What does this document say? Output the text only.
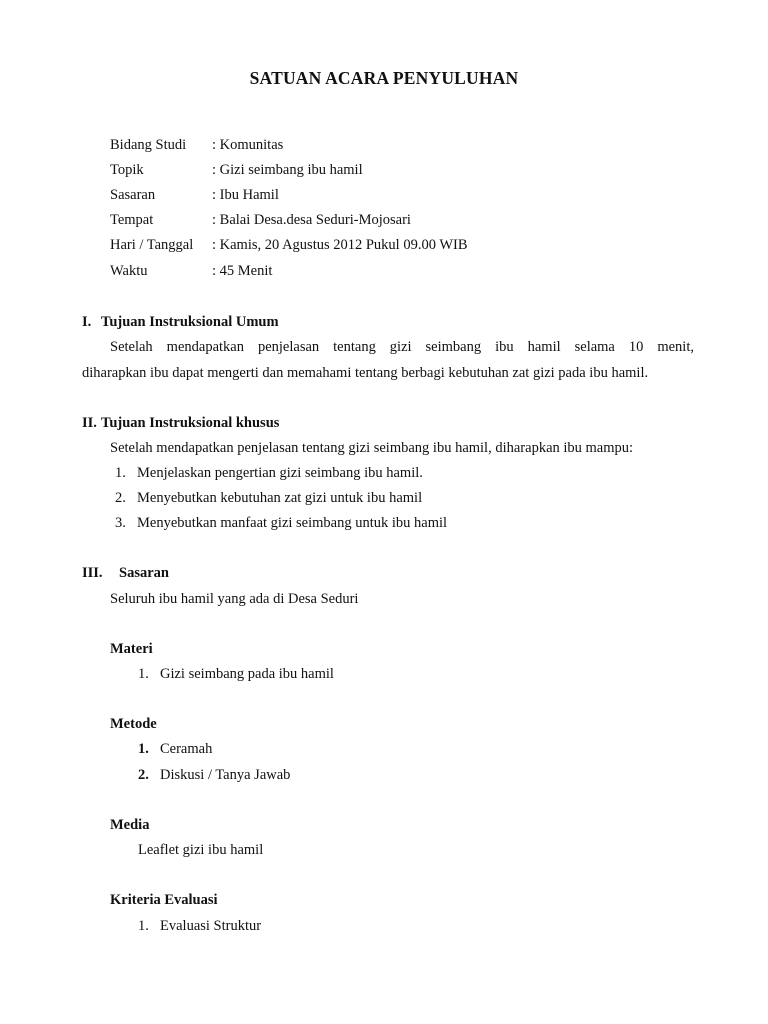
SATUAN ACARA PENYULUHAN
Bidang Studi : Komunitas
Topik	: Gizi seimbang ibu hamil
Sasaran	: Ibu Hamil
Tempat	: Balai Desa.desa Seduri-Mojosari
Hari / Tanggal : Kamis, 20 Agustus 2012 Pukul 09.00 WIB
Waktu	: 45 Menit
I. Tujuan Instruksional Umum
Setelah mendapatkan penjelasan tentang gizi seimbang ibu hamil selama 10 menit,
diharapkan ibu dapat mengerti dan memahami tentang berbagi kebutuhan zat gizi pada ibu hamil.
II. Tujuan Instruksional khusus
Setelah mendapatkan penjelasan tentang gizi seimbang ibu hamil, diharapkan ibu mampu:
1. Menjelaskan pengertian gizi seimbang ibu hamil.
2. Menyebutkan kebutuhan zat gizi untuk ibu hamil
3. Menyebutkan manfaat gizi seimbang untuk ibu hamil
III. Sasaran
Seluruh ibu hamil yang ada di Desa Seduri
Materi
1. Gizi seimbang pada ibu hamil
Metode
1. Ceramah
2. Diskusi / Tanya Jawab
Media
Leaflet gizi ibu hamil
Kriteria Evaluasi
1. Evaluasi Struktur
